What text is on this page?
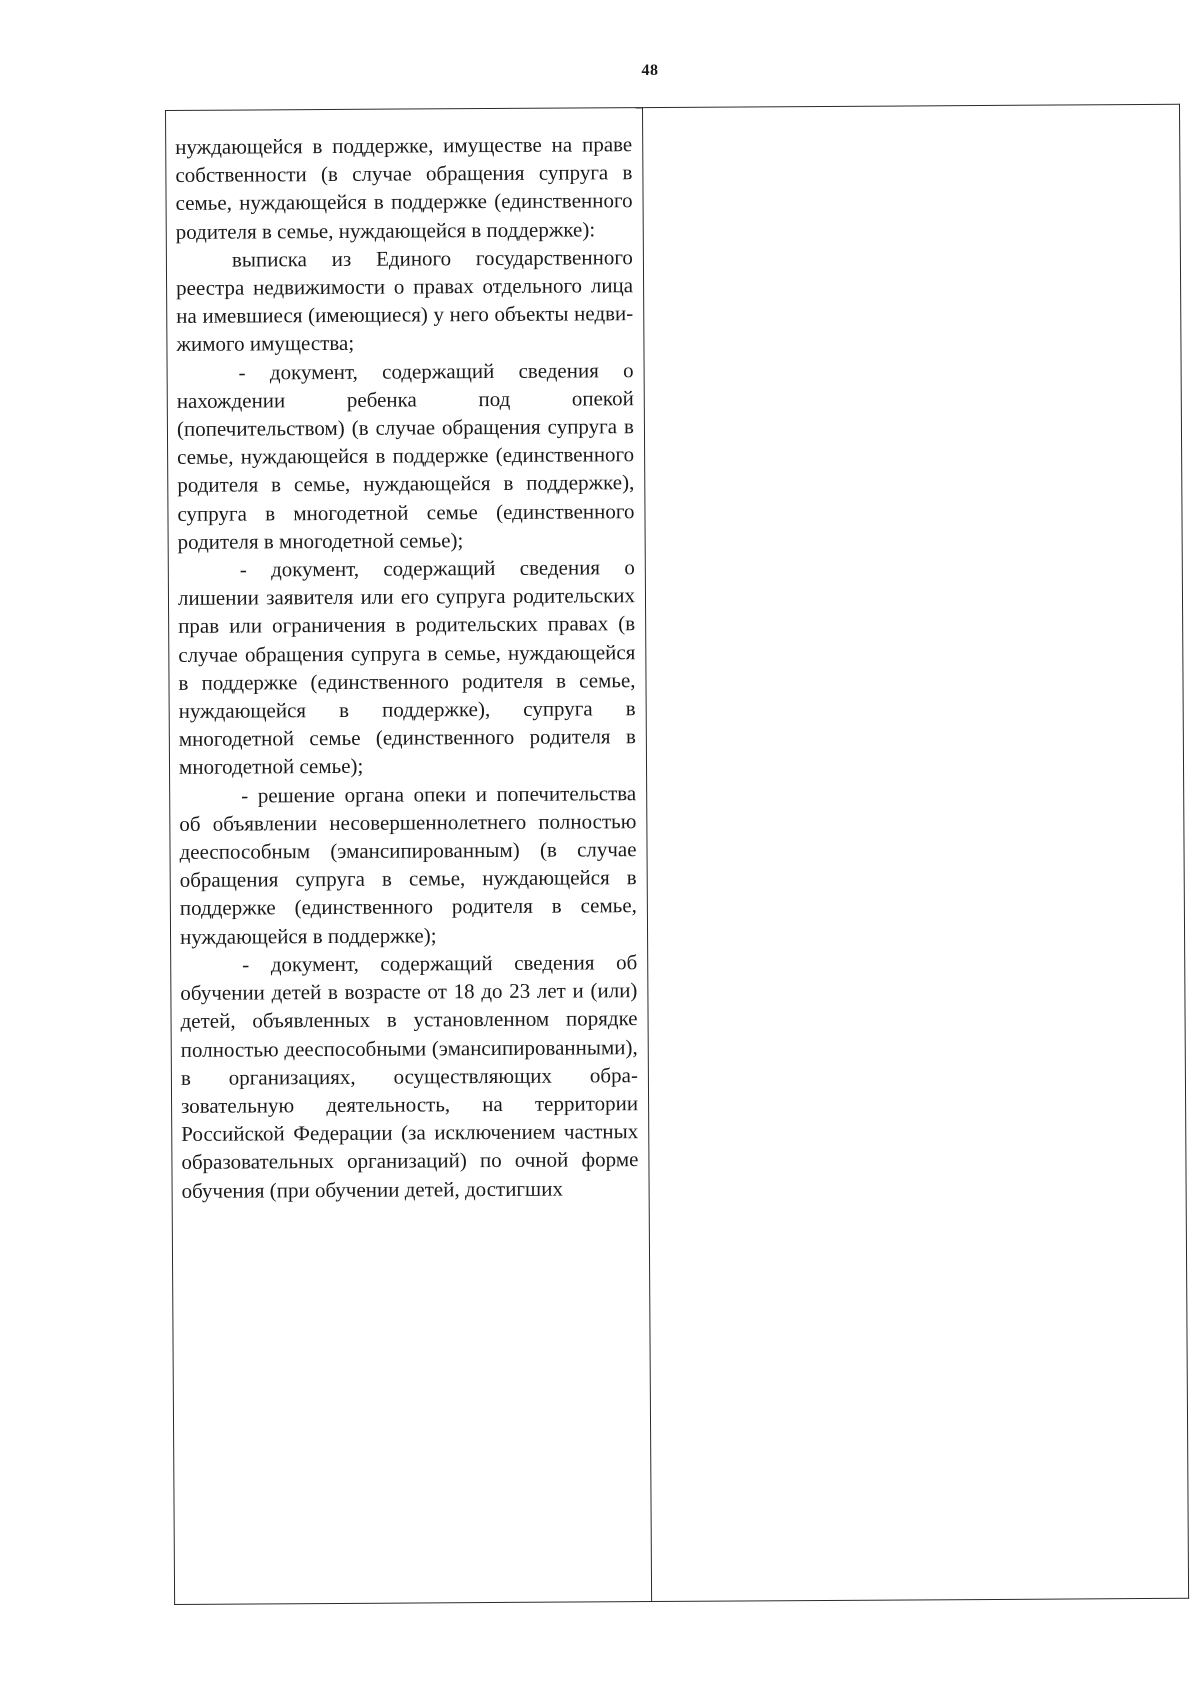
48

нуждающейся в поддержке, имуществе на праве собственности (в случае обращения супруга в семье, нуждающейся в поддержке (единственного родителя в семье, нуждающейся в поддержке):

выписка из Единого государственного реестра недвижимости о правах отдельного лица на имевшиеся (имеющиеся) у него объекты недвижимого имущества;

- документ, содержащий сведения о нахождении ребенка под опекой (попечительством) (в случае обращения супруга в семье, нуждающейся в поддержке (единственного родителя в семье, нуждающейся в поддержке), супруга в многодетной семье (единственного родителя в многодетной семье);

- документ, содержащий сведения о лишении заявителя или его супруга родительских прав или ограничения в родительских правах (в случае обращения супруга в семье, нуждающейся в поддержке (единственного родителя в семье, нуждающейся в поддержке), супруга в многодетной семье (единственного родителя в многодетной семье);

- решение органа опеки и попечительства об объявлении несовершеннолетнего полностью дееспособным (эмансипированным) (в случае обращения супруга в семье, нуждающейся в поддержке (единственного родителя в семье, нуждающейся в поддержке);

- документ, содержащий сведения об обучении детей в возрасте от 18 до 23 лет и (или) детей, объявленных в установленном порядке полностью дееспособными (эмансипированными), в организациях, осуществляющих образовательную деятельность, на территории Российской Федерации (за исключением частных образовательных организаций) по очной форме обучения (при обучении детей, достигших
